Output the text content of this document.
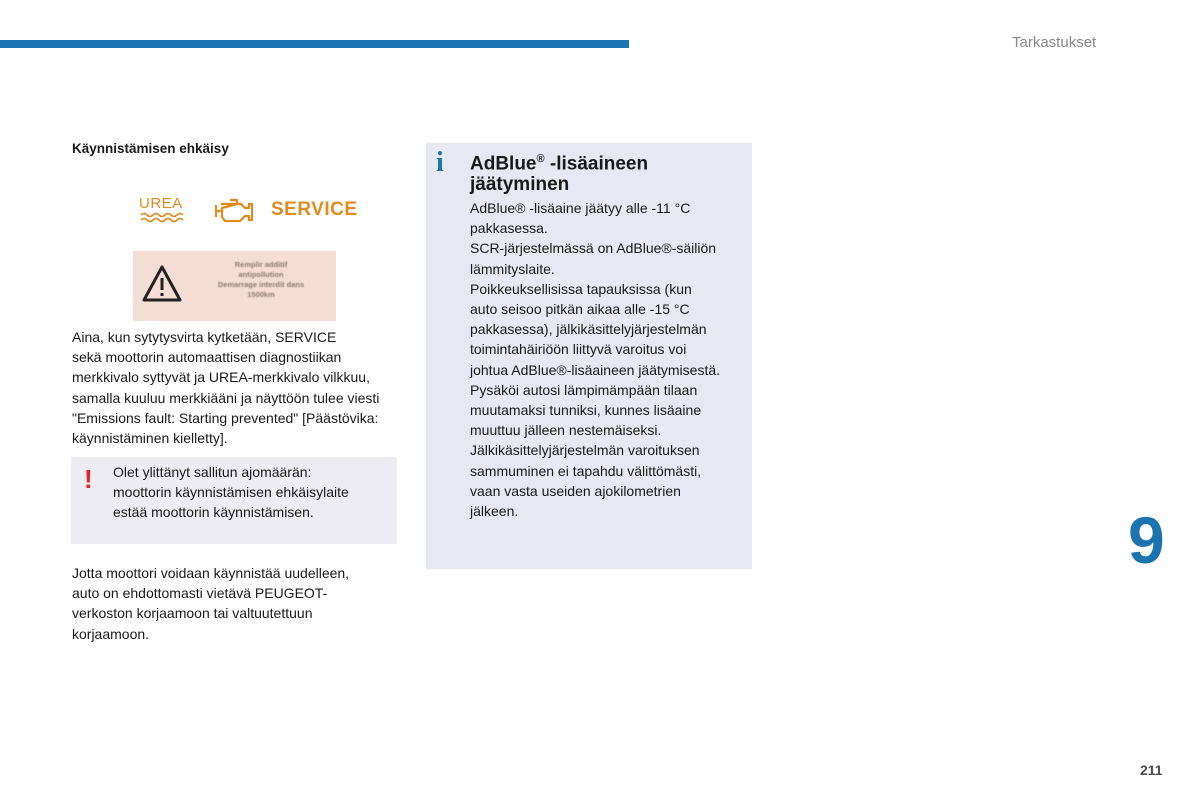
Tarkastukset
Käynnistämisen ehkäisy
UREA	SERVICE
Remplir additif
antipollution
Demarrage interdit dans
1500km

Aina, kun sytytysvirta kytketään, SERVICE
sekä moottorin automaattisen diagnostiikan
merkkivalo syttyvät ja UREA-merkkivalo vilkkuu,
samalla kuuluu merkkiääni ja näyttöön tulee viesti
"Emissions fault: Starting prevented" [Päästövika:
käynnistäminen kielletty].

! Olet ylittänyt sallitun ajomäärän:
moottorin käynnistämisen ehkäisylaite
estää moottorin käynnistämisen.

Jotta moottori voidaan käynnistää uudelleen,
auto on ehdottomasti vietävä PEUGEOT-
verkoston korjaamoon tai valtuutettuun
korjaamoon.

i AdBlue® -lisäaineen
jäätyminen

AdBlue® -lisäaine jäätyy alle -11 °C
pakkasessa.
SCR-järjestelmässä on AdBlue®-säiliön
lämmityslaite.
Poikkeuksellisissa tapauksissa (kun
auto seisoo pitkän aikaa alle -15 °C
pakkasessa), jälkikäsittelyjärjestelmän
toimintahäiriöön liittyvä varoitus voi
johtua AdBlue®-lisäaineen jäätymisestä.
Pysäköi autosi lämpimämpään tilaan
muutamaksi tunniksi, kunnes lisäaine
muuttuu jälleen nestemäiseksi.
Jälkikäsittelyjärjestelmän varoituksen
sammuminen ei tapahdu välittömästi,
vaan vasta useiden ajokilometrien
jälkeen.	9
211
